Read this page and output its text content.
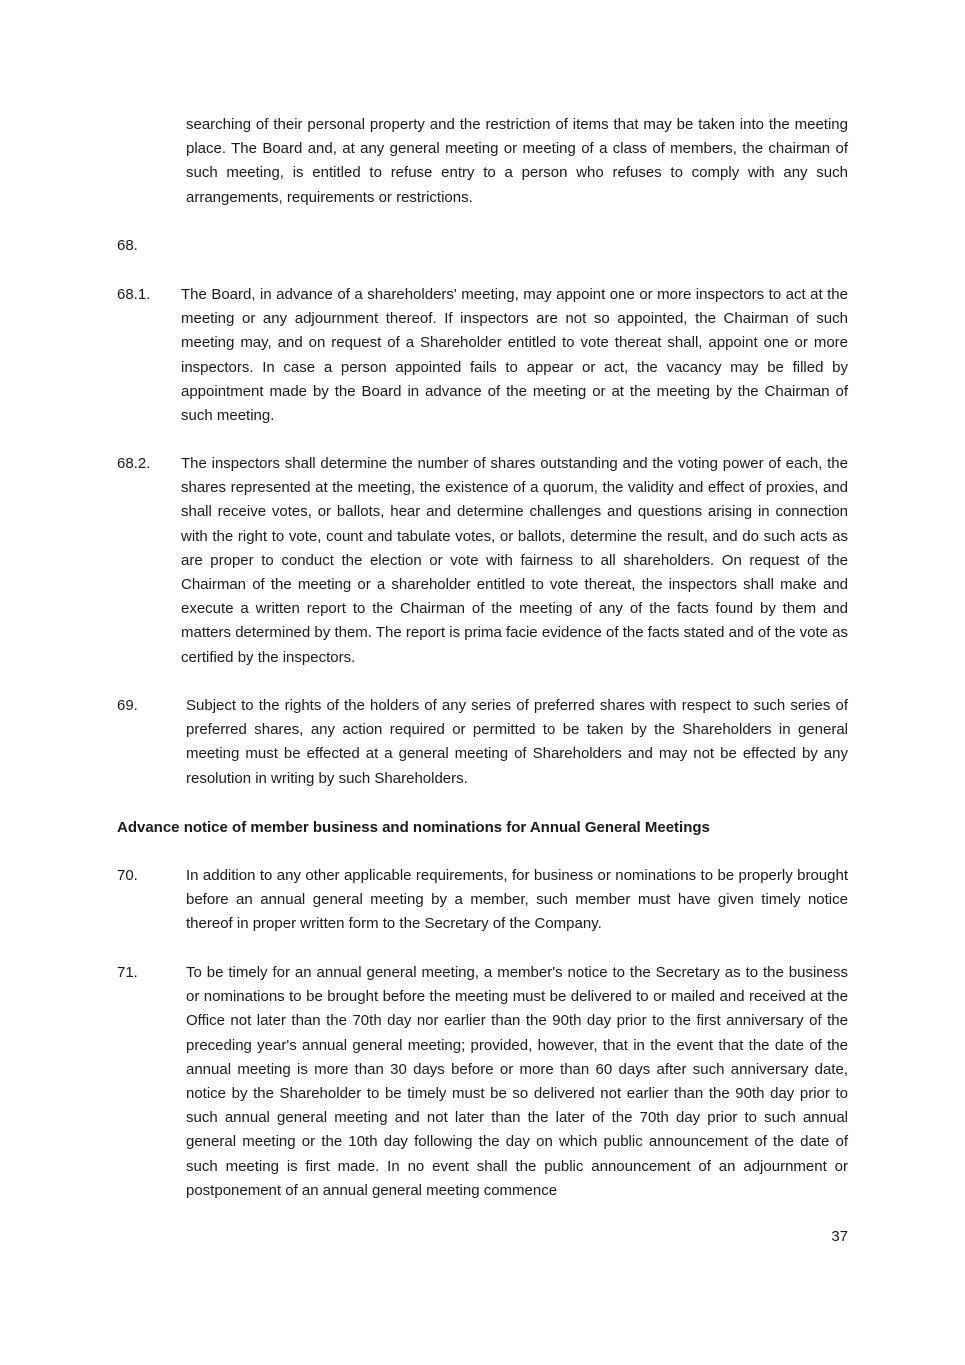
searching of their personal property and the restriction of items that may be taken into the meeting place. The Board and, at any general meeting or meeting of a class of members, the chairman of such meeting, is entitled to refuse entry to a person who refuses to comply with any such arrangements, requirements or restrictions.
68.
68.1. The Board, in advance of a shareholders' meeting, may appoint one or more inspectors to act at the meeting or any adjournment thereof. If inspectors are not so appointed, the Chairman of such meeting may, and on request of a Shareholder entitled to vote thereat shall, appoint one or more inspectors. In case a person appointed fails to appear or act, the vacancy may be filled by appointment made by the Board in advance of the meeting or at the meeting by the Chairman of such meeting.
68.2. The inspectors shall determine the number of shares outstanding and the voting power of each, the shares represented at the meeting, the existence of a quorum, the validity and effect of proxies, and shall receive votes, or ballots, hear and determine challenges and questions arising in connection with the right to vote, count and tabulate votes, or ballots, determine the result, and do such acts as are proper to conduct the election or vote with fairness to all shareholders. On request of the Chairman of the meeting or a shareholder entitled to vote thereat, the inspectors shall make and execute a written report to the Chairman of the meeting of any of the facts found by them and matters determined by them. The report is prima facie evidence of the facts stated and of the vote as certified by the inspectors.
69.	Subject to the rights of the holders of any series of preferred shares with respect to such series of preferred shares, any action required or permitted to be taken by the Shareholders in general meeting must be effected at a general meeting of Shareholders and may not be effected by any resolution in writing by such Shareholders.
Advance notice of member business and nominations for Annual General Meetings
70.	In addition to any other applicable requirements, for business or nominations to be properly brought before an annual general meeting by a member, such member must have given timely notice thereof in proper written form to the Secretary of the Company.
71.	To be timely for an annual general meeting, a member's notice to the Secretary as to the business or nominations to be brought before the meeting must be delivered to or mailed and received at the Office not later than the 70th day nor earlier than the 90th day prior to the first anniversary of the preceding year's annual general meeting; provided, however, that in the event that the date of the annual meeting is more than 30 days before or more than 60 days after such anniversary date, notice by the Shareholder to be timely must be so delivered not earlier than the 90th day prior to such annual general meeting and not later than the later of the 70th day prior to such annual general meeting or the 10th day following the day on which public announcement of the date of such meeting is first made. In no event shall the public announcement of an adjournment or postponement of an annual general meeting commence
37
